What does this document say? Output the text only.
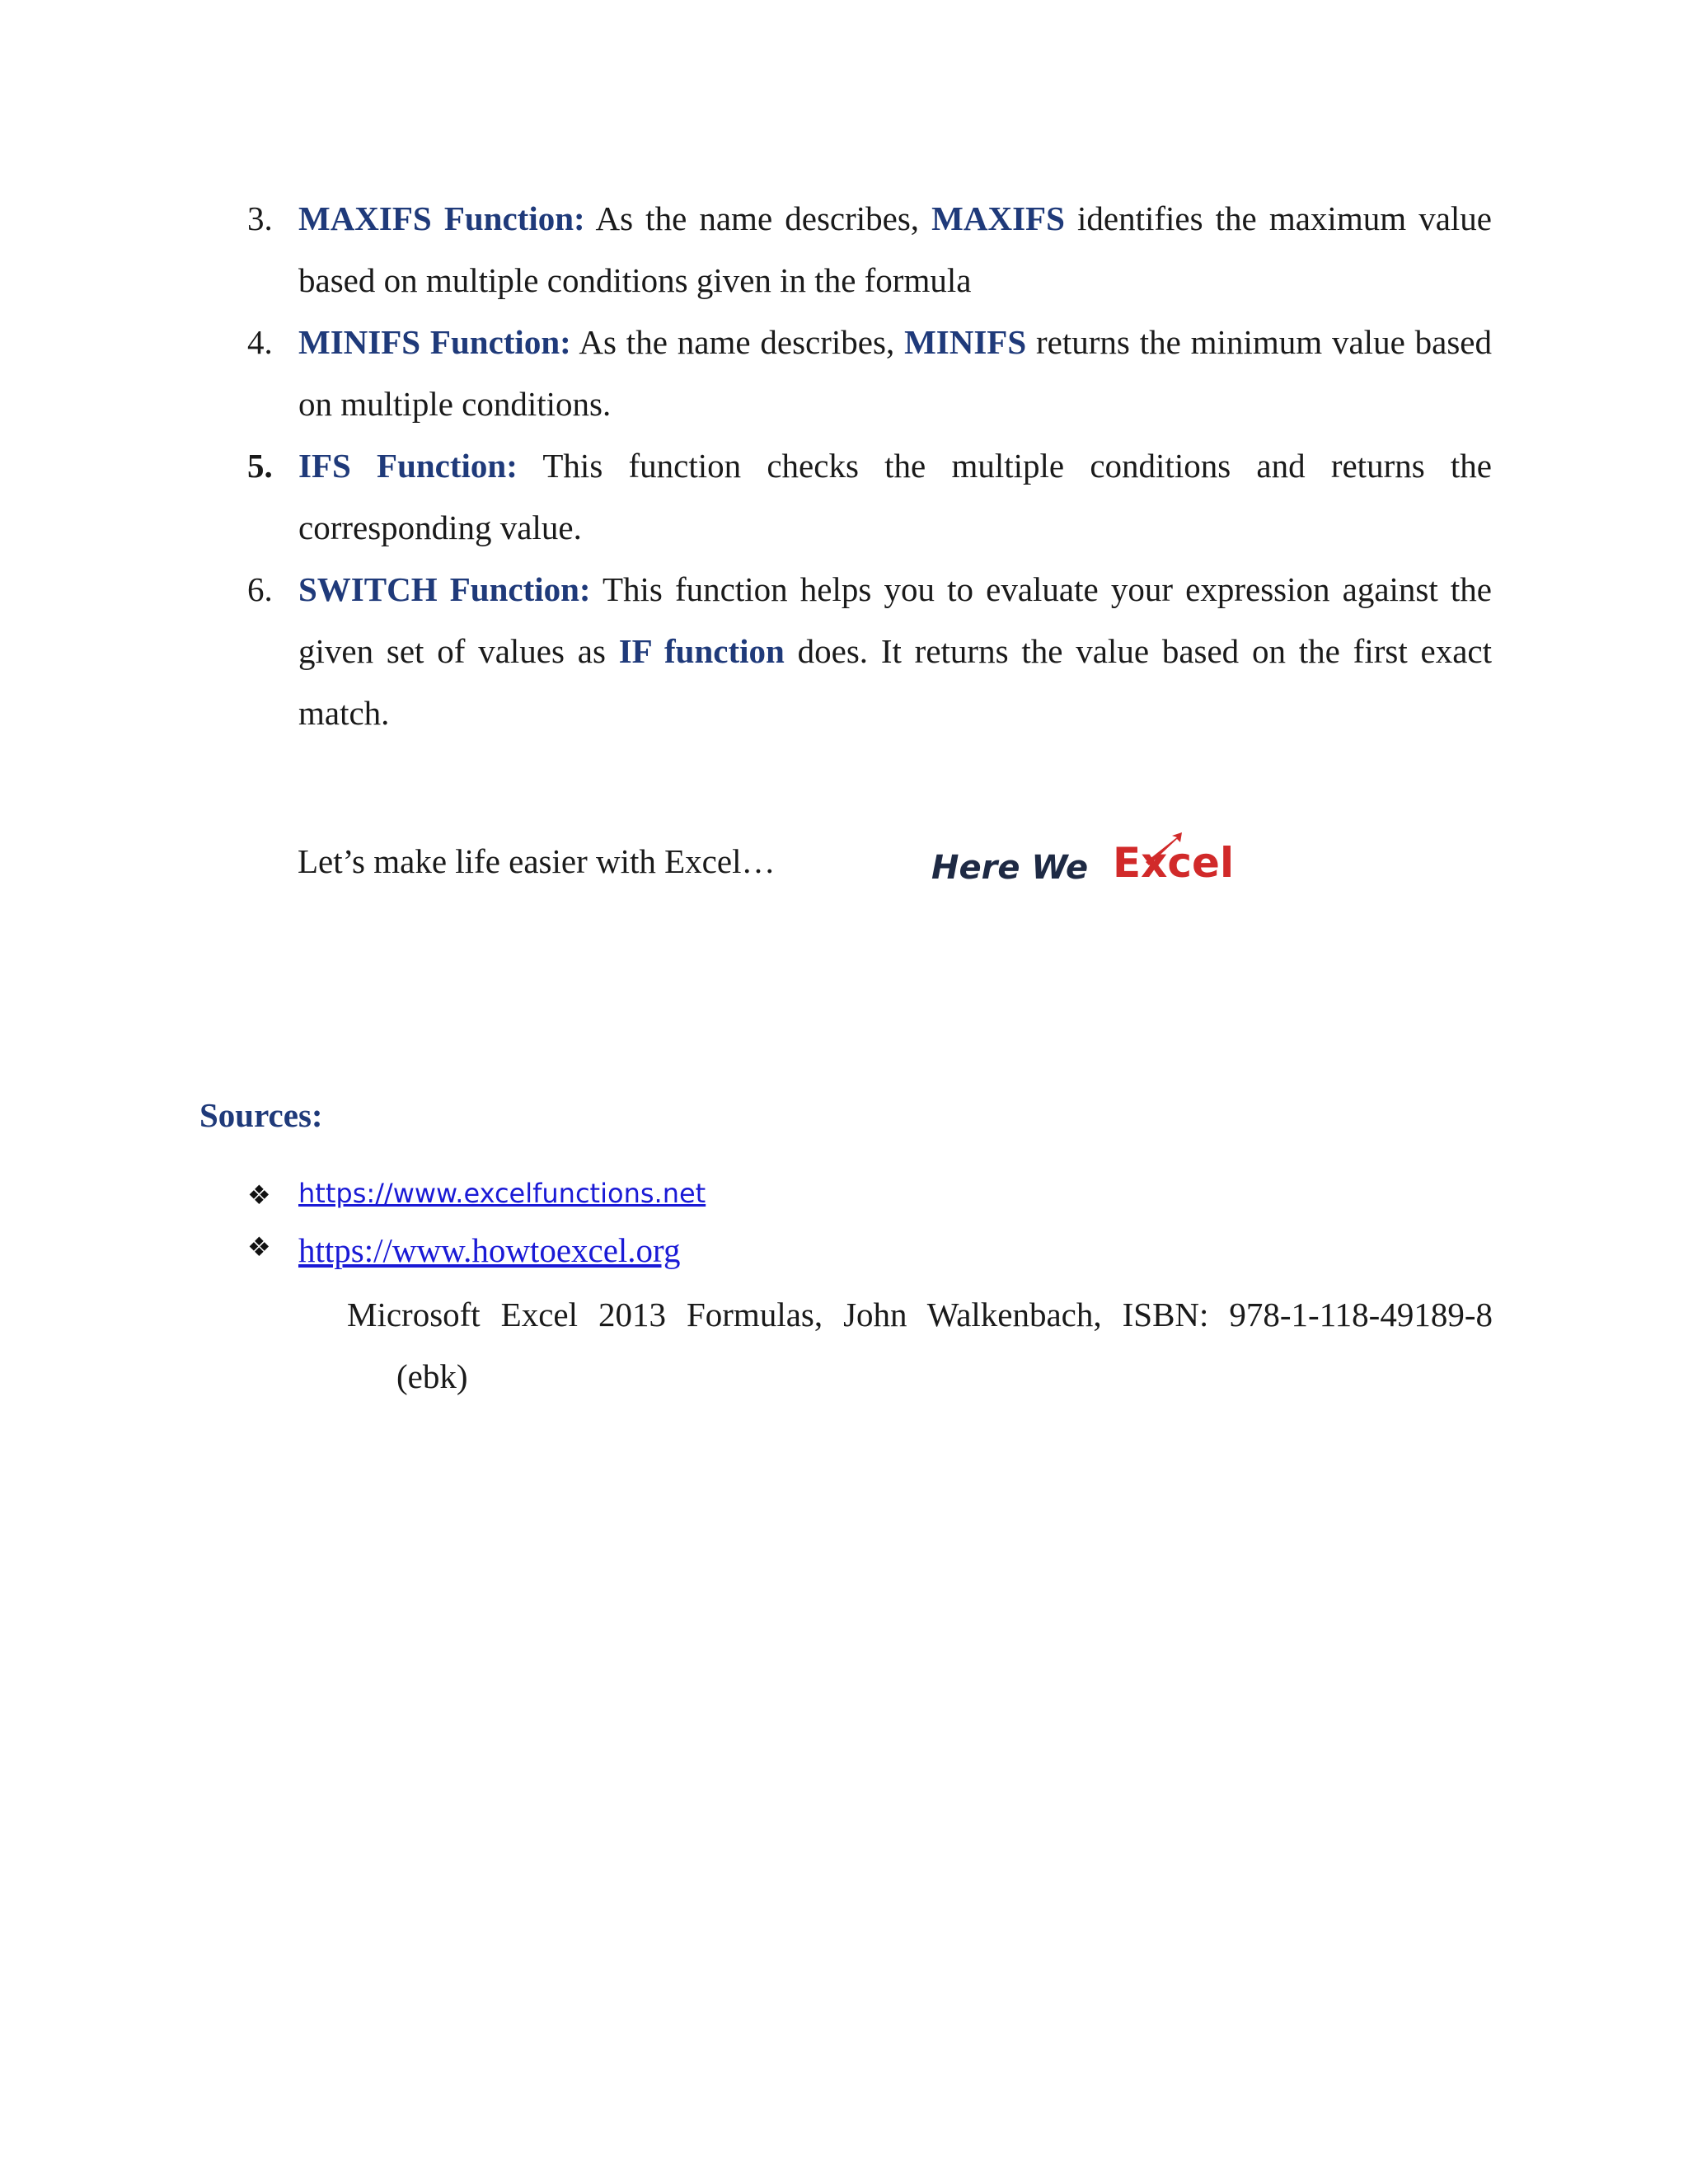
3. MAXIFS Function: As the name describes, MAXIFS identifies the maximum value based on multiple conditions given in the formula
4. MINIFS Function: As the name describes, MINIFS returns the minimum value based on multiple conditions.
5. IFS Function: This function checks the multiple conditions and returns the corresponding value.
6. SWITCH Function: This function helps you to evaluate your expression against the given set of values as IF function does. It returns the value based on the first exact match.
Let’s make life easier with Excel…	Here We Excel
Sources:
❖ https://www.excelfunctions.net
❖ https://www.howtoexcel.org
Microsoft Excel 2013 Formulas, John Walkenbach, ISBN: 978-1-118-49189-8
(ebk)
